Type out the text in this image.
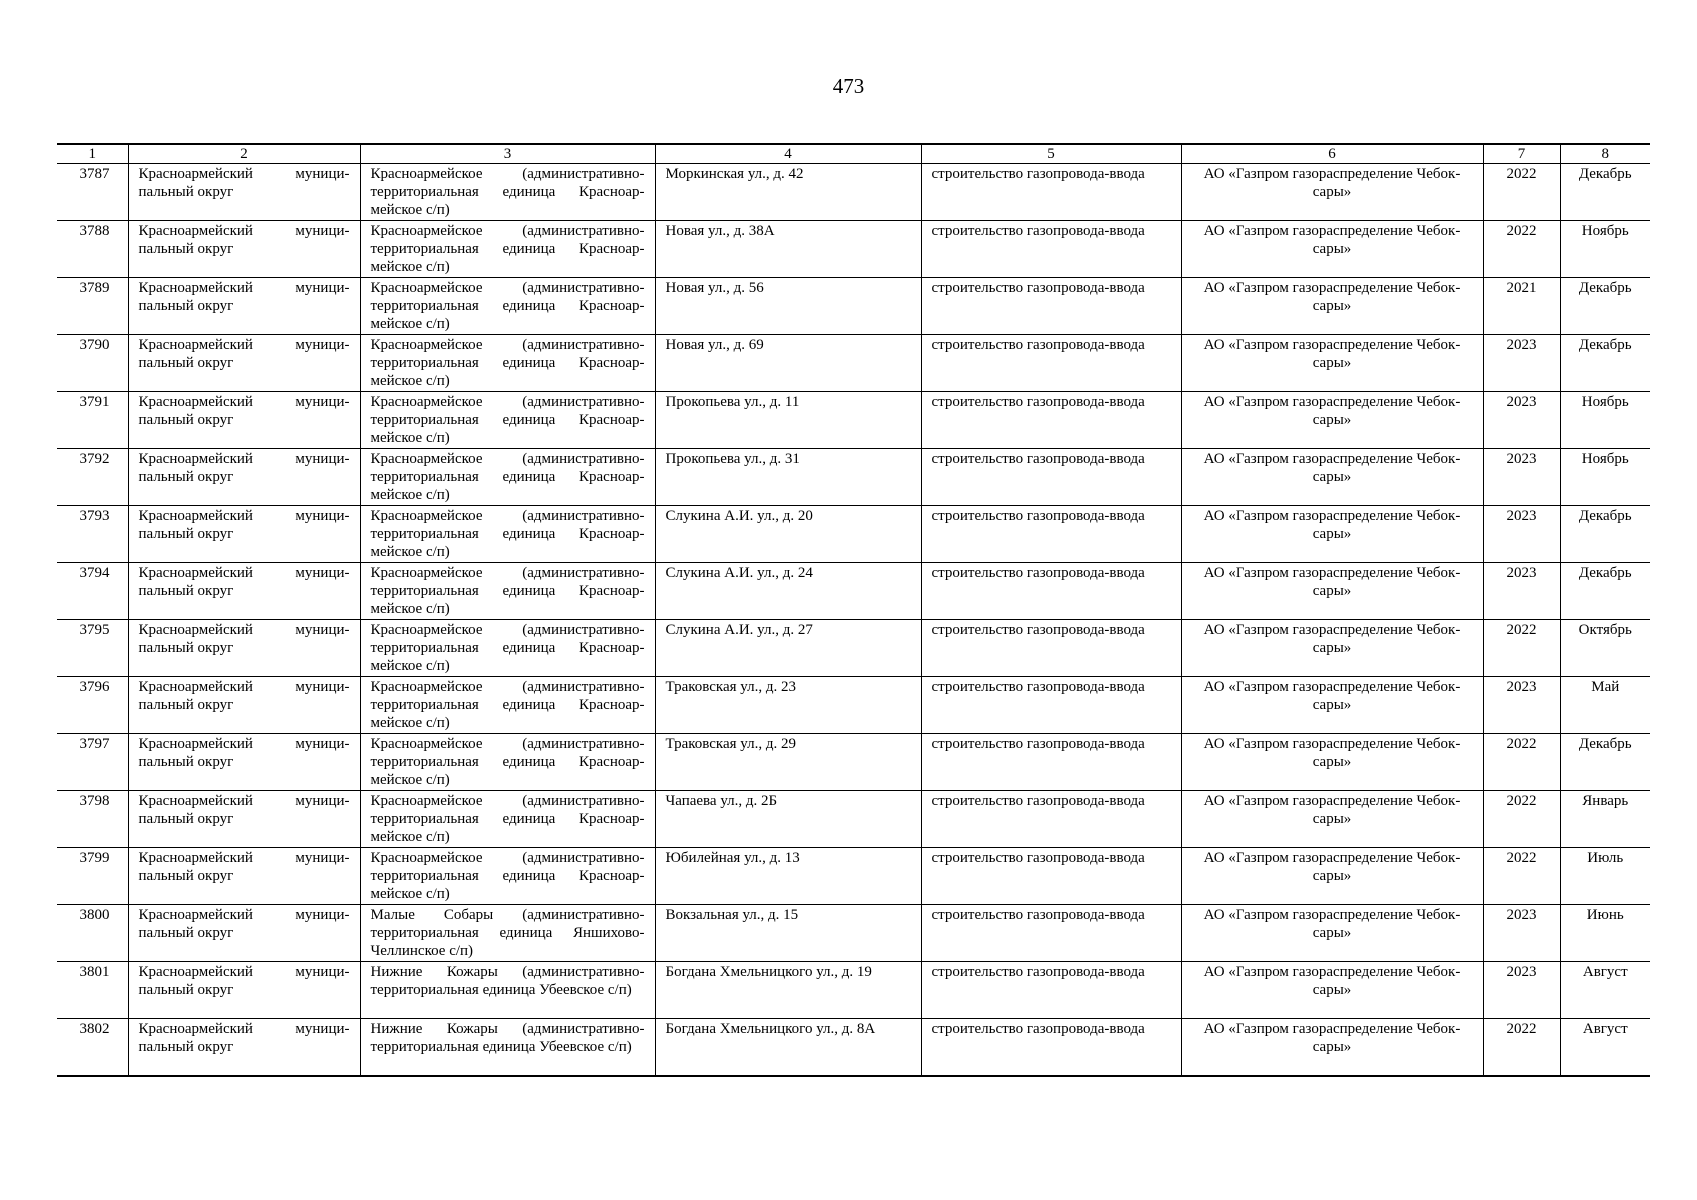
473
1	2	3	4	5	6	7	8
3787	Красноармейский муници-пальный округ	Красноармейское (административно-территориальная единица Красноар-мейское с/п)	Моркинская ул., д. 42	строительство газопровода-ввода	АО «Газпром газораспределение Чебок-сары»	2022	Декабрь
3788	Красноармейский муници-пальный округ	Красноармейское (административно-территориальная единица Красноар-мейское с/п)	Новая ул., д. 38А	строительство газопровода-ввода	АО «Газпром газораспределение Чебок-сары»	2022	Ноябрь
3789	Красноармейский муници-пальный округ	Красноармейское (административно-территориальная единица Красноар-мейское с/п)	Новая ул., д. 56	строительство газопровода-ввода	АО «Газпром газораспределение Чебок-сары»	2021	Декабрь
3790	Красноармейский муници-пальный округ	Красноармейское (административно-территориальная единица Красноар-мейское с/п)	Новая ул., д. 69	строительство газопровода-ввода	АО «Газпром газораспределение Чебок-сары»	2023	Декабрь
3791	Красноармейский муници-пальный округ	Красноармейское (административно-территориальная единица Красноар-мейское с/п)	Прокопьева ул., д. 11	строительство газопровода-ввода	АО «Газпром газораспределение Чебок-сары»	2023	Ноябрь
3792	Красноармейский муници-пальный округ	Красноармейское (административно-территориальная единица Красноар-мейское с/п)	Прокопьева ул., д. 31	строительство газопровода-ввода	АО «Газпром газораспределение Чебок-сары»	2023	Ноябрь
3793	Красноармейский муници-пальный округ	Красноармейское (административно-территориальная единица Красноар-мейское с/п)	Слукина А.И. ул., д. 20	строительство газопровода-ввода	АО «Газпром газораспределение Чебок-сары»	2023	Декабрь
3794	Красноармейский муници-пальный округ	Красноармейское (административно-территориальная единица Красноар-мейское с/п)	Слукина А.И. ул., д. 24	строительство газопровода-ввода	АО «Газпром газораспределение Чебок-сары»	2023	Декабрь
3795	Красноармейский муници-пальный округ	Красноармейское (административно-территориальная единица Красноар-мейское с/п)	Слукина А.И. ул., д. 27	строительство газопровода-ввода	АО «Газпром газораспределение Чебок-сары»	2022	Октябрь
3796	Красноармейский муници-пальный округ	Красноармейское (административно-территориальная единица Красноар-мейское с/п)	Траковская ул., д. 23	строительство газопровода-ввода	АО «Газпром газораспределение Чебок-сары»	2023	Май
3797	Красноармейский муници-пальный округ	Красноармейское (административно-территориальная единица Красноар-мейское с/п)	Траковская ул., д. 29	строительство газопровода-ввода	АО «Газпром газораспределение Чебок-сары»	2022	Декабрь
3798	Красноармейский муници-пальный округ	Красноармейское (административно-территориальная единица Красноар-мейское с/п)	Чапаева ул., д. 2Б	строительство газопровода-ввода	АО «Газпром газораспределение Чебок-сары»	2022	Январь
3799	Красноармейский муници-пальный округ	Красноармейское (административно-территориальная единица Красноар-мейское с/п)	Юбилейная ул., д. 13	строительство газопровода-ввода	АО «Газпром газораспределение Чебок-сары»	2022	Июль
3800	Красноармейский муници-пальный округ	Малые Собары (административно-территориальная единица Яншихово-Челлинское с/п)	Вокзальная ул., д. 15	строительство газопровода-ввода	АО «Газпром газораспределение Чебок-сары»	2023	Июнь
3801	Красноармейский муници-пальный округ	Нижние Кожары (административно-территориальная единица Убеевское с/п)	Богдана Хмельницкого ул., д. 19	строительство газопровода-ввода	АО «Газпром газораспределение Чебок-сары»	2023	Август
3802	Красноармейский муници-пальный округ	Нижние Кожары (административно-территориальная единица Убеевское с/п)	Богдана Хмельницкого ул., д. 8А	строительство газопровода-ввода	АО «Газпром газораспределение Чебок-сары»	2022	Август
